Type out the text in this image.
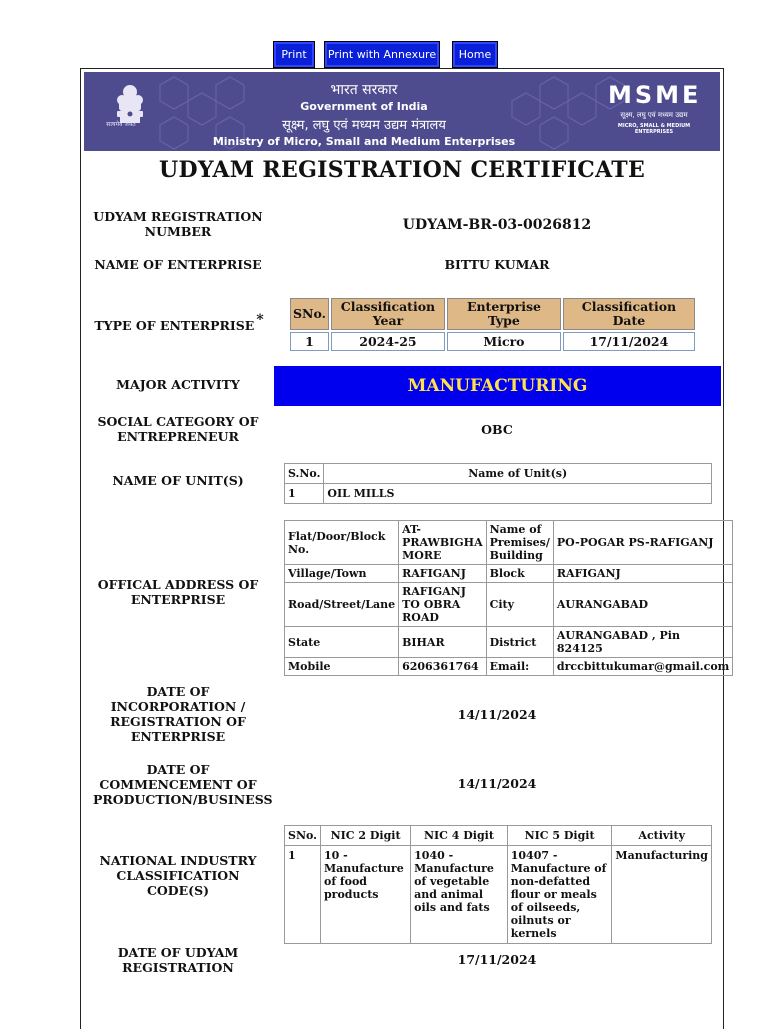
Print	Print with Annexure	Home
सत्यमेव जयते
भारत सरकार
Government of India
सूक्ष्म, लघु एवं मध्यम उद्यम मंत्रालय
Ministry of Micro, Small and Medium Enterprises
MSME
सूक्ष्म, लघु एवं मध्यम उद्यम
MICRO, SMALL & MEDIUM ENTERPRISES
UDYAM REGISTRATION CERTIFICATE
UDYAM REGISTRATION NUMBER	UDYAM-BR-03-0026812
NAME OF ENTERPRISE	BITTU KUMAR
TYPE OF ENTERPRISE * SNo.	Classification Year	Enterprise Type	Classification Date
1	2024-25	Micro	17/11/2024
MAJOR ACTIVITY	MANUFACTURING
SOCIAL CATEGORY OF ENTREPRENEUR	OBC
NAME OF UNIT(S)	S.No.	Name of Unit(s)
1	OIL MILLS
OFFICAL ADDRESS OF ENTERPRISE
Flat/Door/Block No.	AT-PRAWBIGHA MORE	Name of Premises/ Building	PO-POGAR PS-RAFIGANJ
Village/Town	RAFIGANJ	Block	RAFIGANJ
Road/Street/Lane	RAFIGANJ TO OBRA ROAD	City	AURANGABAD
State	BIHAR	District	AURANGABAD , Pin 824125
Mobile	6206361764	Email:	drccbittukumar@gmail.com
DATE OF INCORPORATION / REGISTRATION OF ENTERPRISE
14/11/2024
DATE OF COMMENCEMENT OF PRODUCTION/BUSINESS
14/11/2024
NATIONAL INDUSTRY CLASSIFICATION CODE(S)
SNo.	NIC 2 Digit	NIC 4 Digit	NIC 5 Digit	Activity
1	10 - Manufacture of food products	1040 - Manufacture of vegetable and animal oils and fats	10407 - Manufacture of non-defatted flour or meals of oilseeds, oilnuts or kernels	Manufacturing
DATE OF UDYAM REGISTRATION
17/11/2024
